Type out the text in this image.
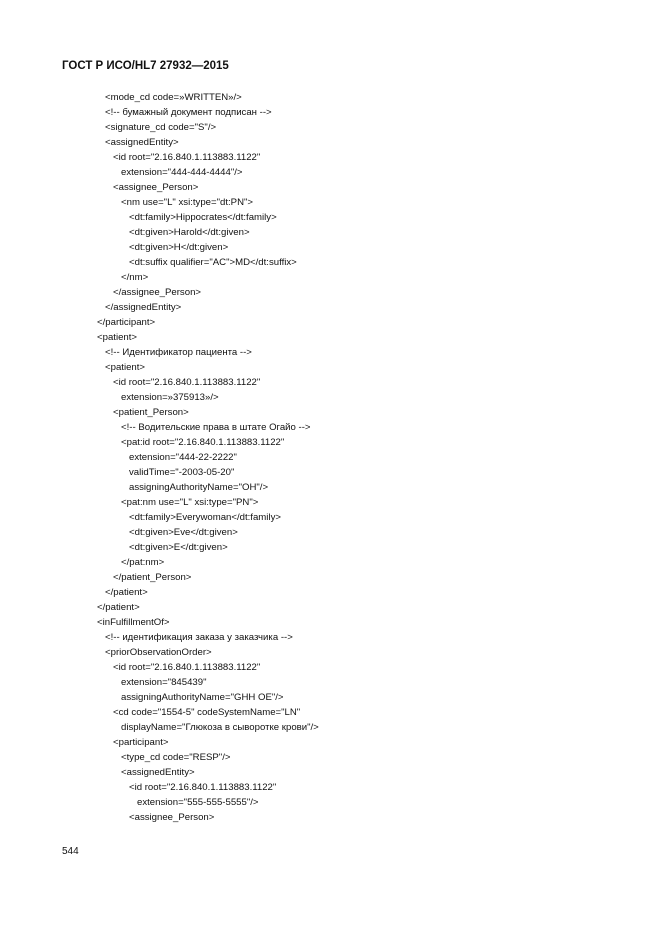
ГОСТ Р ИСО/HL7 27932—2015
<mode_cd code=»WRITTEN»/>
<!-- бумажный документ подписан -->
<signature_cd code="S"/>
<assignedEntity>
<id root="2.16.840.1.113883.1122"
extension="444-444-4444"/>
<assignee_Person>
<nm use="L" xsi:type="dt:PN">
<dt:family>Hippocrates</dt:family>
<dt:given>Harold</dt:given>
<dt:given>H</dt:given>
<dt:suffix qualifier="AC">MD</dt:suffix>
</nm>
</assignee_Person>
</assignedEntity>
</participant>
<patient>
<!-- Идентификатор пациента -->
<patient>
<id root="2.16.840.1.113883.1122"
extension=»375913»/>
<patient_Person>
<!-- Водительские права в штате Огайо -->
<pat:id root="2.16.840.1.113883.1122"
extension="444-22-2222"
validTime="-2003-05-20"
assigningAuthorityName="OH"/>
<pat:nm use="L" xsi:type="PN">
<dt:family>Everywoman</dt:family>
<dt:given>Eve</dt:given>
<dt:given>E</dt:given>
</pat:nm>
</patient_Person>
</patient>
</patient>
<inFulfillmentOf>
<!-- идентификация заказа у заказчика -->
<priorObservationOrder>
<id root="2.16.840.1.113883.1122"
extension="845439"
assigningAuthorityName="GHH OE"/>
<cd code="1554-5" codeSystemName="LN"
displayName="Глюкоза в сыворотке крови"/>
<participant>
<type_cd code="RESP"/>
<assignedEntity>
<id root="2.16.840.1.113883.1122"
extension="555-555-5555"/>
<assignee_Person>
544
